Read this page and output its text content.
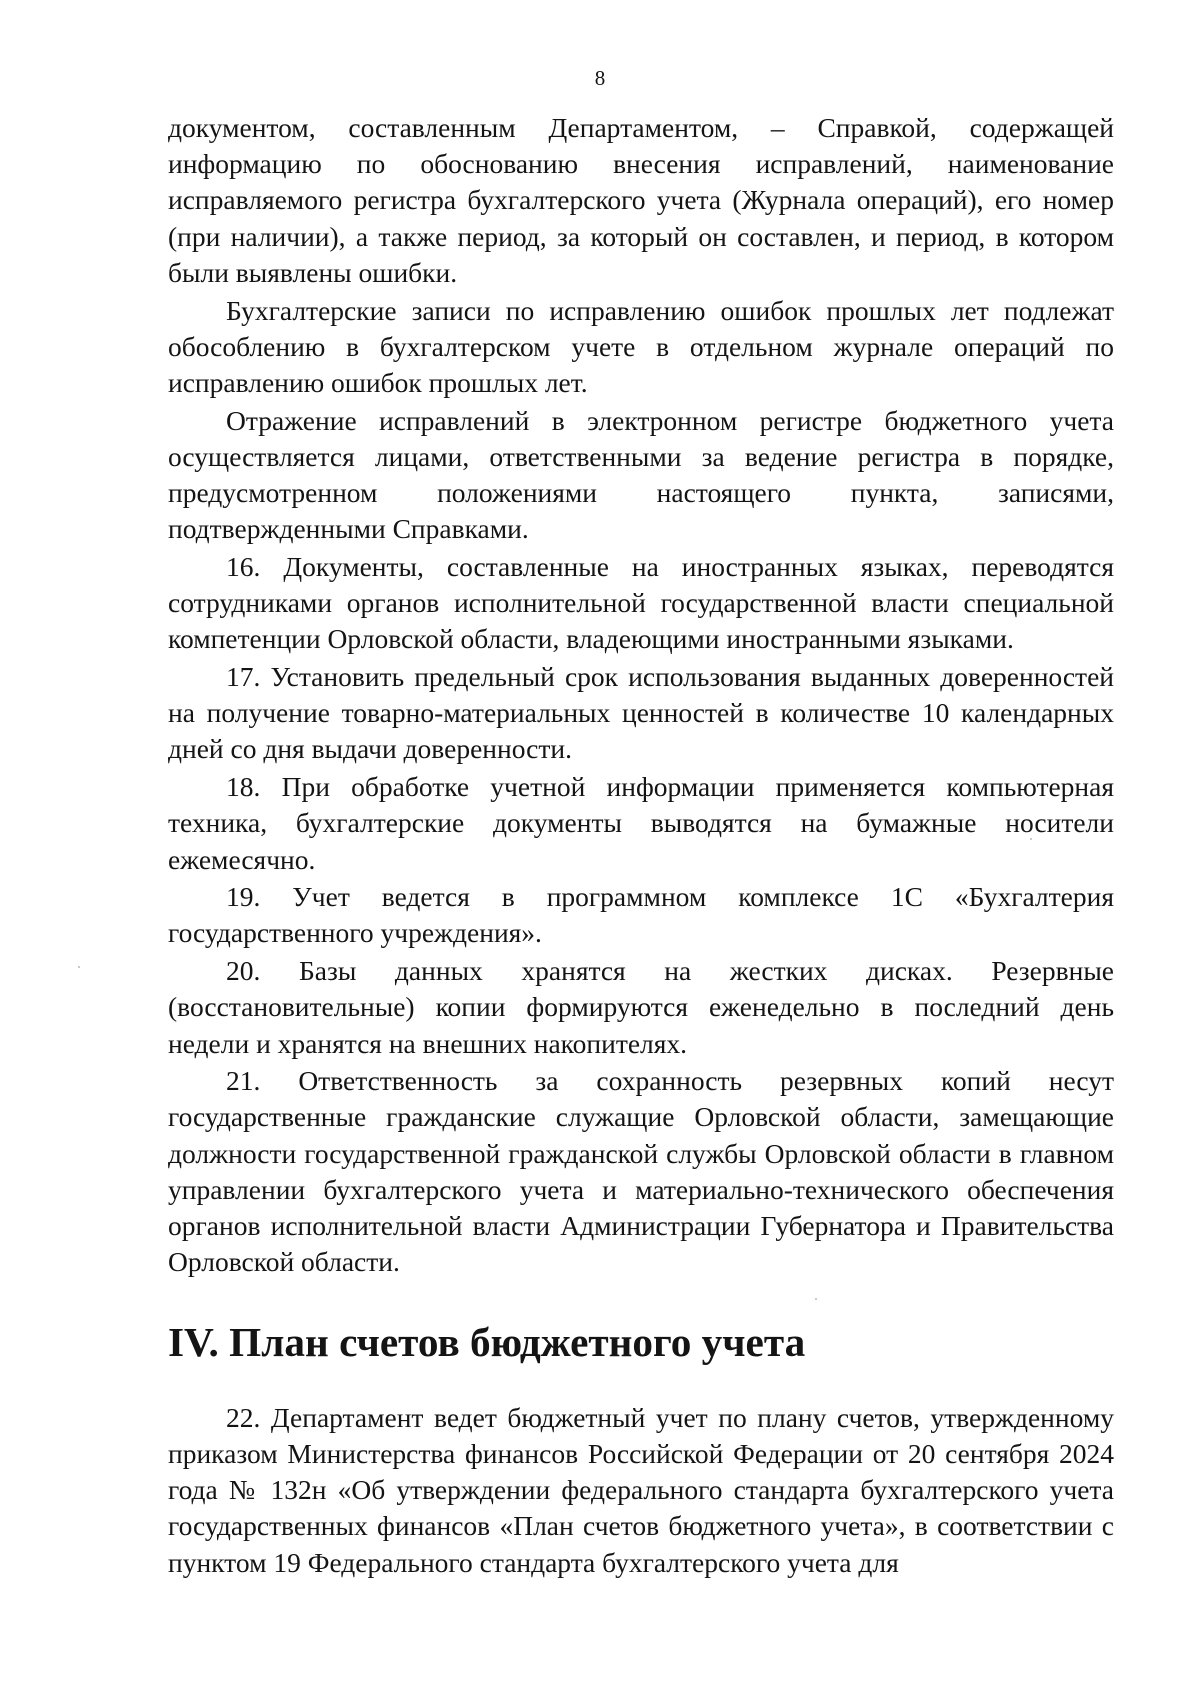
8

документом, составленным Департаментом, – Справкой, содержащей информацию по обоснованию внесения исправлений, наименование исправляемого регистра бухгалтерского учета (Журнала операций), его номер (при наличии), а также период, за который он составлен, и период, в котором были выявлены ошибки.

Бухгалтерские записи по исправлению ошибок прошлых лет подлежат обособлению в бухгалтерском учете в отдельном журнале операций по исправлению ошибок прошлых лет.

Отражение исправлений в электронном регистре бюджетного учета осуществляется лицами, ответственными за ведение регистра в порядке, предусмотренном положениями настоящего пункта, записями, подтвержденными Справками.

16. Документы, составленные на иностранных языках, переводятся сотрудниками органов исполнительной государственной власти специальной компетенции Орловской области, владеющими иностранными языками.

17. Установить предельный срок использования выданных доверенностей на получение товарно-материальных ценностей в количестве 10 календарных дней со дня выдачи доверенности.

18. При обработке учетной информации применяется компьютерная техника, бухгалтерские документы выводятся на бумажные носители ежемесячно.

19. Учет ведется в программном комплексе 1С «Бухгалтерия государственного учреждения».

20. Базы данных хранятся на жестких дисках. Резервные (восстановительные) копии формируются еженедельно в последний день недели и хранятся на внешних накопителях.

21. Ответственность за сохранность резервных копий несут государственные гражданские служащие Орловской области, замещающие должности государственной гражданской службы Орловской области в главном управлении бухгалтерского учета и материально-технического обеспечения органов исполнительной власти Администрации Губернатора и Правительства Орловской области.

IV. План счетов бюджетного учета

22. Департамент ведет бюджетный учет по плану счетов, утвержденному приказом Министерства финансов Российской Федерации от 20 сентября 2024 года № 132н «Об утверждении федерального стандарта бухгалтерского учета государственных финансов «План счетов бюджетного учета», в соответствии с пунктом 19 Федерального стандарта бухгалтерского учета для
